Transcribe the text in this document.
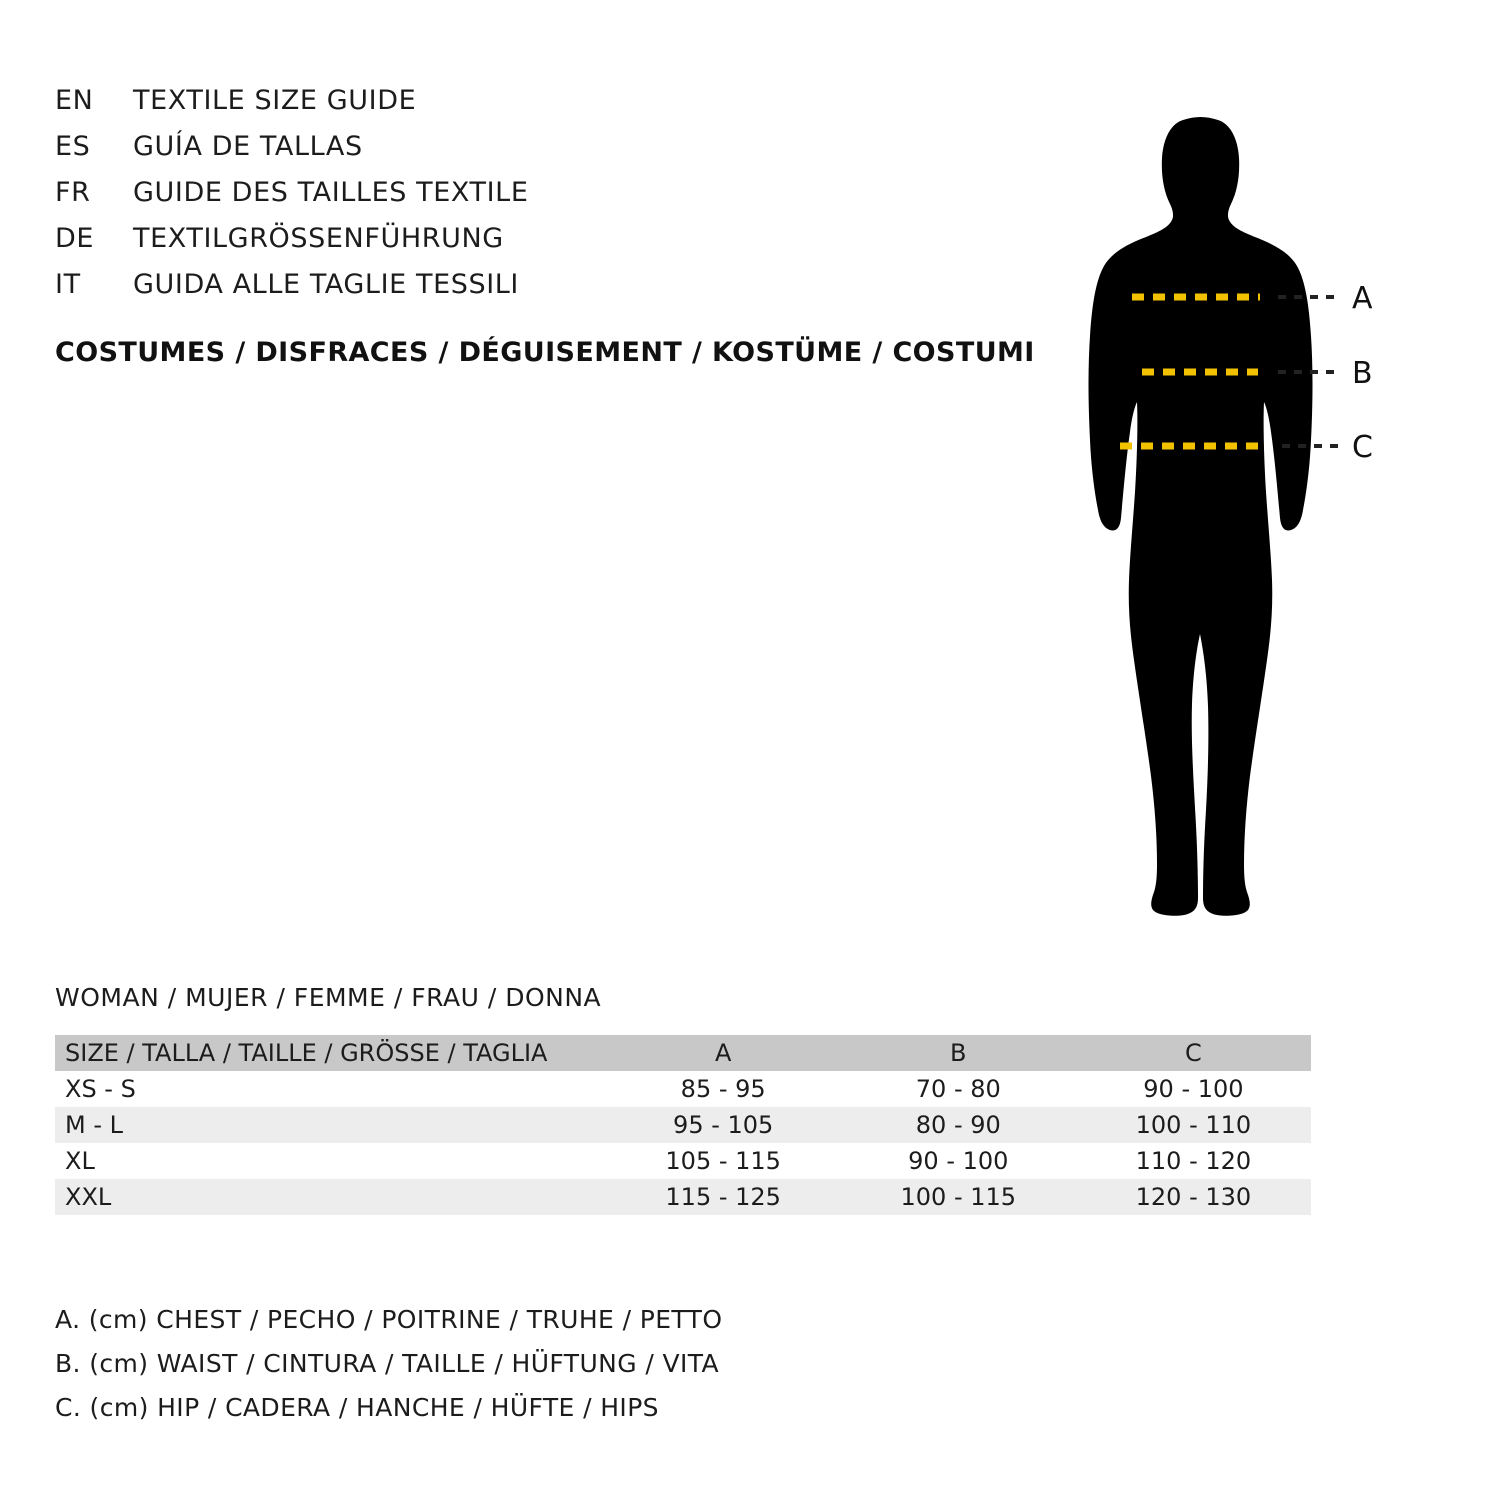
EN	TEXTILE SIZE GUIDE
ES	GUÍA DE TALLAS
FR	GUIDE DES TAILLES TEXTILE
DE	TEXTILGRÖSSENFÜHRUNG
IT	GUIDA ALLE TAGLIE TESSILI
COSTUMES / DISFRACES / DÉGUISEMENT / KOSTÜME / COSTUMI
A
B
C
WOMAN / MUJER / FEMME / FRAU / DONNA
SIZE / TALLA / TAILLE / GRÖSSE / TAGLIA	A	B	C
XS - S	85 - 95	70 - 80	90 - 100
M - L	95 - 105	80 - 90	100 - 110
XL	105 - 115	90 - 100	110 - 120
XXL	115 - 125	100 - 115	120 - 130
A. (cm) CHEST / PECHO / POITRINE / TRUHE / PETTO
B. (cm) WAIST / CINTURA / TAILLE / HÜFTUNG / VITA
C. (cm) HIP / CADERA / HANCHE / HÜFTE / HIPS
